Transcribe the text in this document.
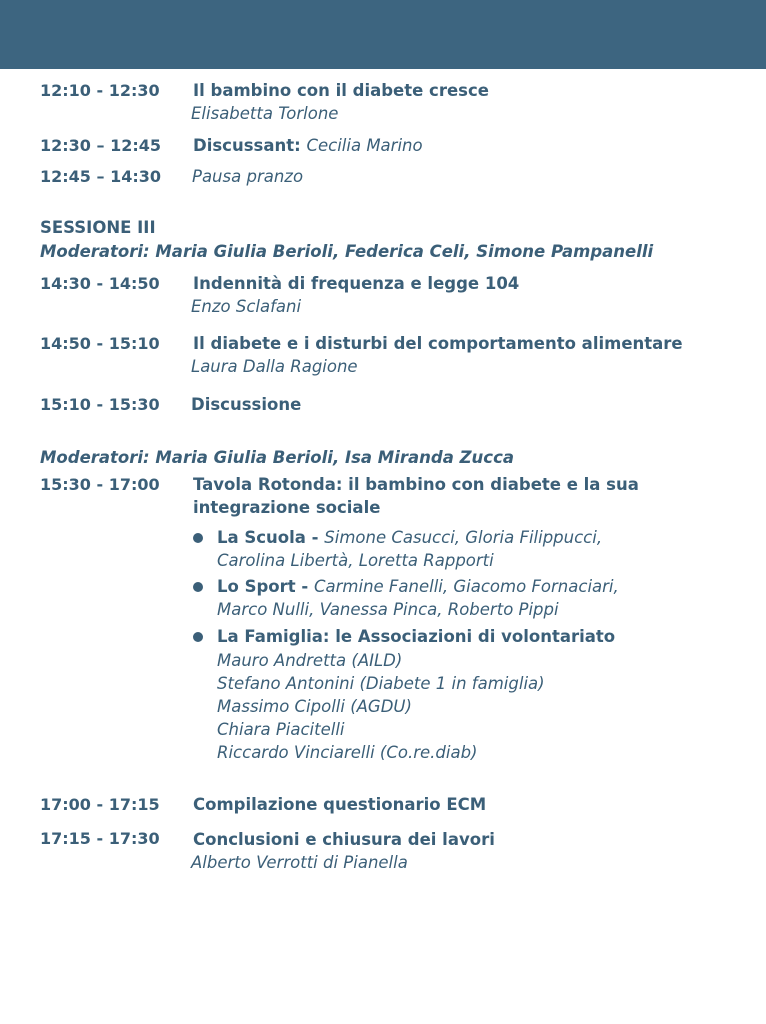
12:10 - 12:30 Il bambino con il diabete cresce
Elisabetta Torlone
12:30 – 12:45 Discussant: Cecilia Marino
12:45 – 14:30 Pausa pranzo
SESSIONE III
Moderatori: Maria Giulia Berioli, Federica Celi, Simone Pampanelli
14:30 - 14:50 Indennità di frequenza e legge 104
Enzo Sclafani
14:50 - 15:10 Il diabete e i disturbi del comportamento alimentare
Laura Dalla Ragione
15:10 - 15:30 Discussione
Moderatori: Maria Giulia Berioli, Isa Miranda Zucca
15:30 - 17:00 Tavola Rotonda: il bambino con diabete e la sua
integrazione sociale
La Scuola - Simone Casucci, Gloria Filippucci,
Carolina Libertà, Loretta Rapporti
Lo Sport - Carmine Fanelli, Giacomo Fornaciari,
Marco Nulli, Vanessa Pinca, Roberto Pippi
La Famiglia: le Associazioni di volontariato
Mauro Andretta (AILD)
Stefano Antonini (Diabete 1 in famiglia)
Massimo Cipolli (AGDU)
Chiara Piacitelli
Riccardo Vinciarelli (Co.re.diab)
17:00 - 17:15 Compilazione questionario ECM
17:15 - 17:30 Conclusioni e chiusura dei lavori
Alberto Verrotti di Pianella
